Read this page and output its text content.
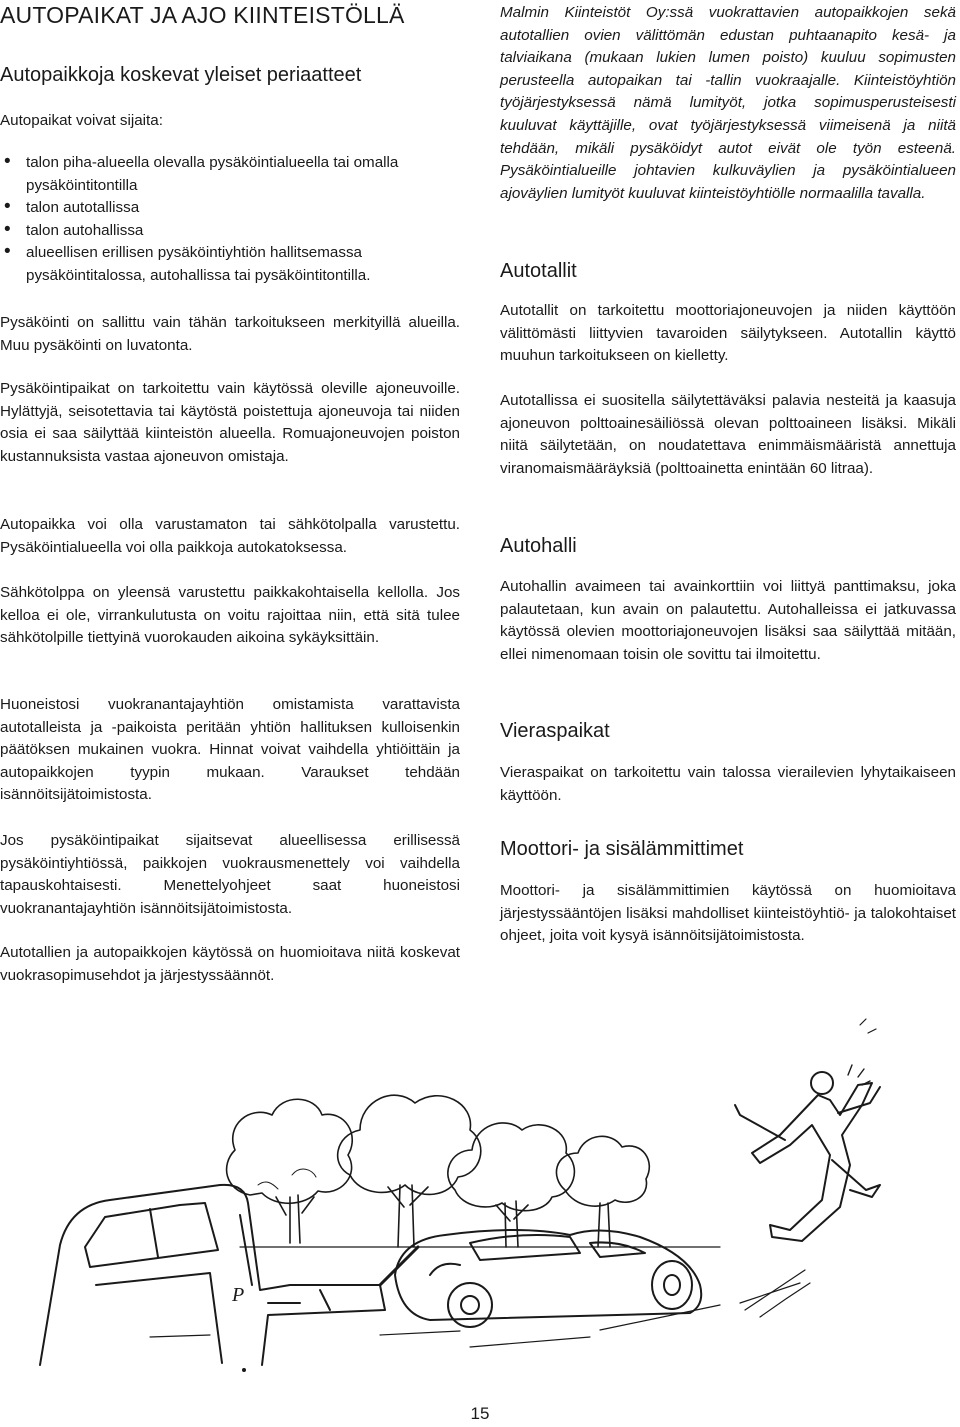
AUTOPAIKAT JA AJO KIINTEISTÖLLÄ
Autopaikkoja koskevat yleiset periaatteet

Autopaikat voivat sijaita:

• talon piha-alueella olevalla pysäköintialueella tai omalla pysäköintitontilla
• talon autotallissa
• talon autohallissa
• alueellisen erillisen pysäköintiyhtiön hallitsemassa pysäköintitalossa, autohallissa tai pysäköintitontilla.

Pysäköinti on sallittu vain tähän tarkoitukseen merkityillä alueilla. Muu pysäköinti on luvatonta.

Pysäköintipaikat on tarkoitettu vain käytössä oleville ajoneuvoille. Hylättyjä, seisotettavia tai käytöstä poistettuja ajoneuvoja tai niiden osia ei saa säilyttää kiinteistön alueella. Romuajoneuvojen poiston kustannuksista vastaa ajoneuvon omistaja.

Autopaikka voi olla varustamaton tai sähkötolpalla varustettu. Pysäköintialueella voi olla paikkoja autokatoksessa.

Sähkötolppa on yleensä varustettu paikkakohtaisella kellolla. Jos kelloa ei ole, virrankulutusta on voitu rajoittaa niin, että sitä tulee sähkötolpille tiettyinä vuorokauden aikoina sykäyksittäin.

Huoneistosi vuokranantajayhtiön omistamista varattavista autotalleista ja -paikoista peritään yhtiön hallituksen kulloisenkin päätöksen mukainen vuokra. Hinnat voivat vaihdella yhtiöittäin ja autopaikkojen tyypin mukaan. Varaukset tehdään isännöitsijätoimistosta.

Jos pysäköintipaikat sijaitsevat alueellisessa erillisessä pysäköintiyhtiössä, paikkojen vuokrausmenettely voi vaihdella tapauskohtaisesti. Menettelyohjeet saat huoneistosi vuokranantajayhtiön isännöitsijätoimistosta.

Autotallien ja autopaikkojen käytössä on huomioitava niitä koskevat vuokrasopimusehdot ja järjestyssäännöt.

Malmin Kiinteistöt Oy:ssä vuokrattavien autopaikkojen sekä autotallien ovien välittömän edustan puhtaanapito kesä- ja talviaikana (mukaan lukien lumen poisto) kuuluu sopimusten perusteella autopaikan tai -tallin vuokraajalle. Kiinteistöyhtiön työjärjestyksessä nämä lumityöt, jotka sopimusperusteisesti kuuluvat käyttäjille, ovat työjärjestyksessä viimeisenä ja niitä tehdään, mikäli pysäköidyt autot eivät ole työn esteenä. Pysäköintialueille johtavien kulkuväylien ja pysäköintialueen ajoväylien lumityöt kuuluvat kiinteistöyhtiölle normaalilla tavalla.

Autotallit

Autotallit on tarkoitettu moottoriajoneuvojen ja niiden käyttöön välittömästi liittyvien tavaroiden säilytykseen. Autotallin käyttö muuhun tarkoitukseen on kielletty.

Autotallissa ei suositella säilytettäväksi palavia nesteitä ja kaasuja ajoneuvon polttoainesäiliössä olevan polttoaineen lisäksi. Mikäli niitä säilytetään, on noudatettava enimmäismääristä annettuja viranomaismääräyksiä (polttoainetta enintään 60 litraa).

Autohalli

Autohallin avaimeen tai avainkorttiin voi liittyä panttimaksu, joka palautetaan, kun avain on palautettu. Autohalleissa ei jatkuvassa käytössä olevien moottoriajoneuvojen lisäksi saa säilyttää mitään, ellei nimenomaan toisin ole sovittu tai ilmoitettu.

Vieraspaikat

Vieraspaikat on tarkoitettu vain talossa vierailevien lyhytaikaiseen käyttöön.

Moottori- ja sisälämmittimet

Moottori- ja sisälämmittimien käytössä on huomioitava järjestyssääntöjen lisäksi mahdolliset kiinteistöyhtiö- ja talokohtaiset ohjeet, joita voit kysyä isännöitsijätoimistosta.

P
15
